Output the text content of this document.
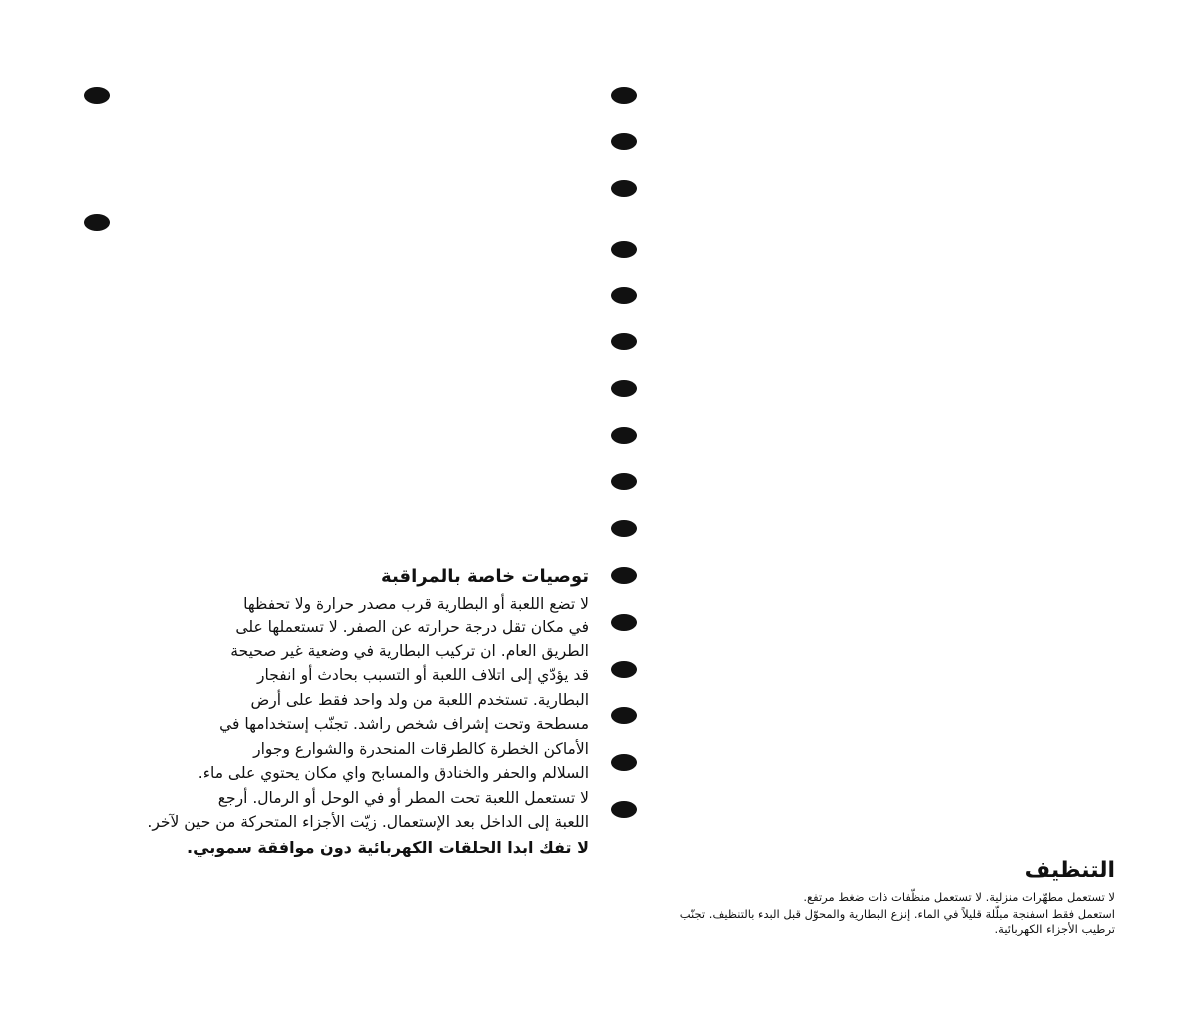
توصيات خاصة بالمراقبة
لا تضع اللعبة أو البطارية قرب مصدر حرارة ولا تحفظها
في مكان تقل درجة حرارته عن الصفر. لا تستعملها على
الطريق العام. ان تركيب البطارية في وضعية غير صحيحة
قد يؤدّي إلى اتلاف اللعبة أو التسبب بحادث أو انفجار
البطارية. تستخدم اللعبة من ولد واحد فقط على أرض
مسطحة وتحت إشراف شخص راشد. تجنّب إستخدامها في
الأماكن الخطرة كالطرقات المنحدرة والشوارع وجوار
السلالم والحفر والخنادق والمسابح واي مكان يحتوي على ماء.
لا تستعمل اللعبة تحت المطر أو في الوحل أو الرمال. أرجع
اللعبة إلى الداخل بعد الإستعمال. زيّت الأجزاء المتحركة من حين لآخر.
لا تفك ابدا الحلقات الكهربائية دون موافقة سموبي.
التنظيف
لا تستعمل مطهّرات منزلية. لا تستعمل منظّفات ذات ضغط مرتفع.
استعمل فقط اسفنجة مبلّلة قليلاً في الماء. إنزع البطارية والمحوّل قبل البدء بالتنظيف. تجنّب
ترطيب الأجزاء الكهربائية.
